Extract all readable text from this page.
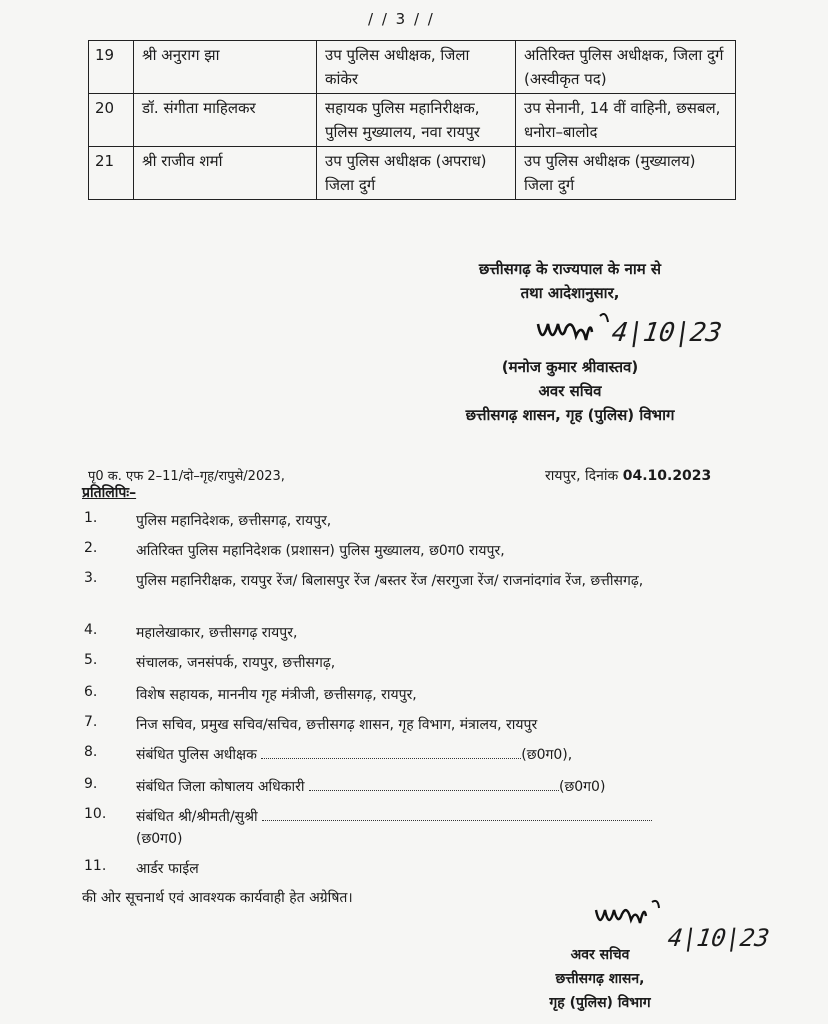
/ / 3 / /
19	श्री अनुराग झा	उप पुलिस अधीक्षक, जिला कांकेर	अतिरिक्त पुलिस अधीक्षक, जिला दुर्ग (अस्वीकृत पद)
20	डॉ. संगीता माहिलकर	सहायक पुलिस महानिरीक्षक, पुलिस मुख्यालय, नवा रायपुर	उप सेनानी, 14 वीं वाहिनी, छसबल, धनोरा–बालोद
21	श्री राजीव शर्मा	उप पुलिस अधीक्षक (अपराध) जिला दुर्ग	उप पुलिस अधीक्षक (मुख्यालय) जिला दुर्ग
छत्तीसगढ़ के राज्यपाल के नाम से
तथा आदेशानुसार,
4|10|23
(मनोज कुमार श्रीवास्तव)
अवर सचिव
छत्तीसगढ़ शासन, गृह (पुलिस) विभाग
पृ0 क. एफ 2–11/दो–गृह/रापुसे/2023,	रायपुर, दिनांक 04.10.2023
प्रतिलिपिः–
1.	पुलिस महानिदेशक, छत्तीसगढ़, रायपुर,
2.	अतिरिक्त पुलिस महानिदेशक (प्रशासन) पुलिस मुख्यालय, छ0ग0 रायपुर,
3.	पुलिस महानिरीक्षक, रायपुर रेंज/ बिलासपुर रेंज /बस्तर रेंज /सरगुजा रेंज/ राजनांदगांव रेंज, छत्तीसगढ़,
4.	महालेखाकार, छत्तीसगढ़ रायपुर,
5.	संचालक, जनसंपर्क, रायपुर, छत्तीसगढ़,
6.	विशेष सहायक, माननीय गृह मंत्रीजी, छत्तीसगढ़, रायपुर,
7.	निज सचिव, प्रमुख सचिव/सचिव, छत्तीसगढ़ शासन, गृह विभाग, मंत्रालय, रायपुर
8.	संबंधित पुलिस अधीक्षक	(छ0ग0),
9.	संबंधित जिला कोषालय अधिकारी	(छ0ग0)
10.	संबंधित श्री/श्रीमती/सुश्री
(छ0ग0)
11.	आर्डर फाईल
की ओर सूचनार्थ एवं आवश्यक कार्यवाही हेत अग्रेषित।
4|10|23
अवर सचिव
छत्तीसगढ़ शासन,
गृह (पुलिस) विभाग
